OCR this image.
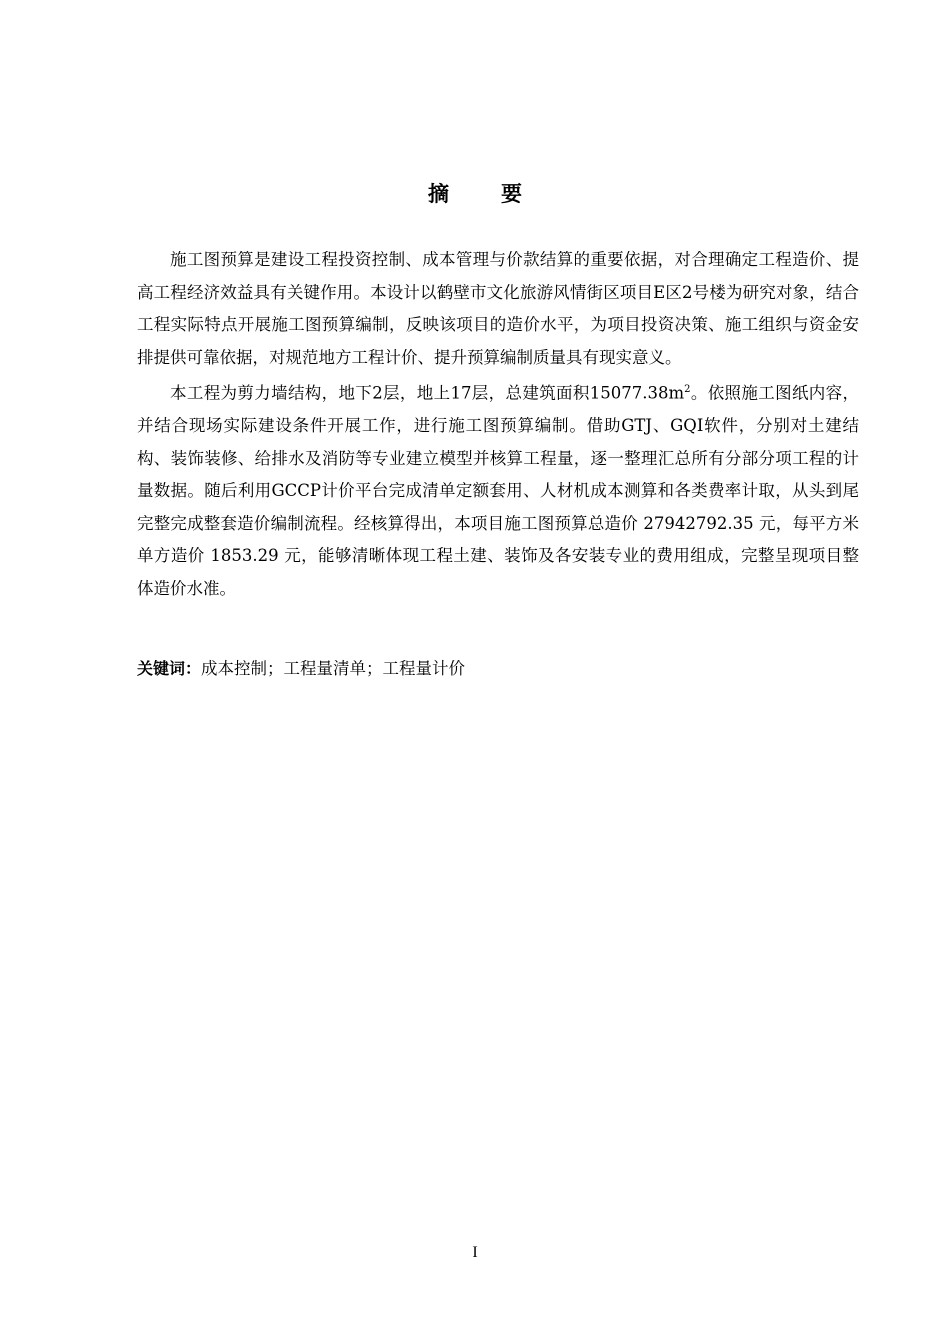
摘 要

施工图预算是建设工程投资控制、成本管理与价款结算的重要依据，对合理确定工程造价、提高工程经济效益具有关键作用。本设计以鹤壁市文化旅游风情街区项目E区2号楼为研究对象，结合工程实际特点开展施工图预算编制，反映该项目的造价水平，为项目投资决策、施工组织与资金安排提供可靠依据，对规范地方工程计价、提升预算编制质量具有现实意义。

本工程为剪力墙结构，地下2层，地上17层，总建筑面积$15077.38m^2$。依照施工图纸内容，并结合现场实际建设条件开展工作，进行施工图预算编制。借助GTJ、GQI软件，分别对土建结构、装饰装修、给排水及消防等专业建立模型并核算工程量，逐一整理汇总所有分部分项工程的计量数据。随后利用GCCP计价平台完成清单定额套用、人材机成本测算和各类费率计取，从头到尾完整完成整套造价编制流程。经核算得出，本项目施工图预算总造价 27942792.35 元，每平方米单方造价 1853.29 元，能够清晰体现工程土建、装饰及各安装专业的费用组成，完整呈现项目整体造价水准。

关键词：成本控制；工程量清单；工程量计价
I
